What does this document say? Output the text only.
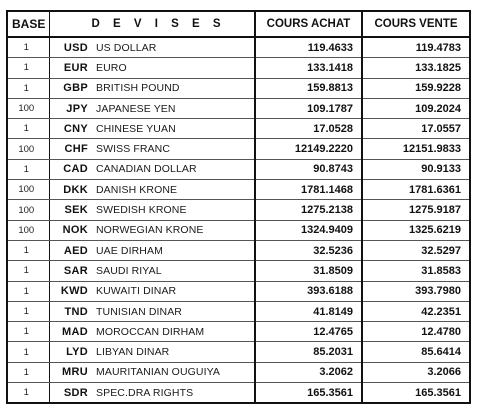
BASE	D E V I S E S		COURS ACHAT	COURS VENTE
1	USD	US DOLLAR	119.4633	119.4783
1	EUR	EURO	133.1418	133.1825
1	GBP	BRITISH POUND	159.8813	159.9228
100	JPY	JAPANESE YEN	109.1787	109.2024
1	CNY	CHINESE YUAN	17.0528	17.0557
100	CHF	SWISS FRANC	12149.2220	12151.9833
1	CAD	CANADIAN DOLLAR	90.8743	90.9133
100	DKK	DANISH KRONE	1781.1468	1781.6361
100	SEK	SWEDISH KRONE	1275.2138	1275.9187
100	NOK	NORWEGIAN KRONE	1324.9409	1325.6219
1	AED	UAE DIRHAM	32.5236	32.5297
1	SAR	SAUDI RIYAL	31.8509	31.8583
1	KWD	KUWAITI DINAR	393.6188	393.7980
1	TND	TUNISIAN DINAR	41.8149	42.2351
1	MAD	MOROCCAN DIRHAM	12.4765	12.4780
1	LYD	LIBYAN DINAR	85.2031	85.6414
1	MRU	MAURITANIAN OUGUIYA	3.2062	3.2066
1	SDR	SPEC.DRA RIGHTS	165.3561	165.3561
